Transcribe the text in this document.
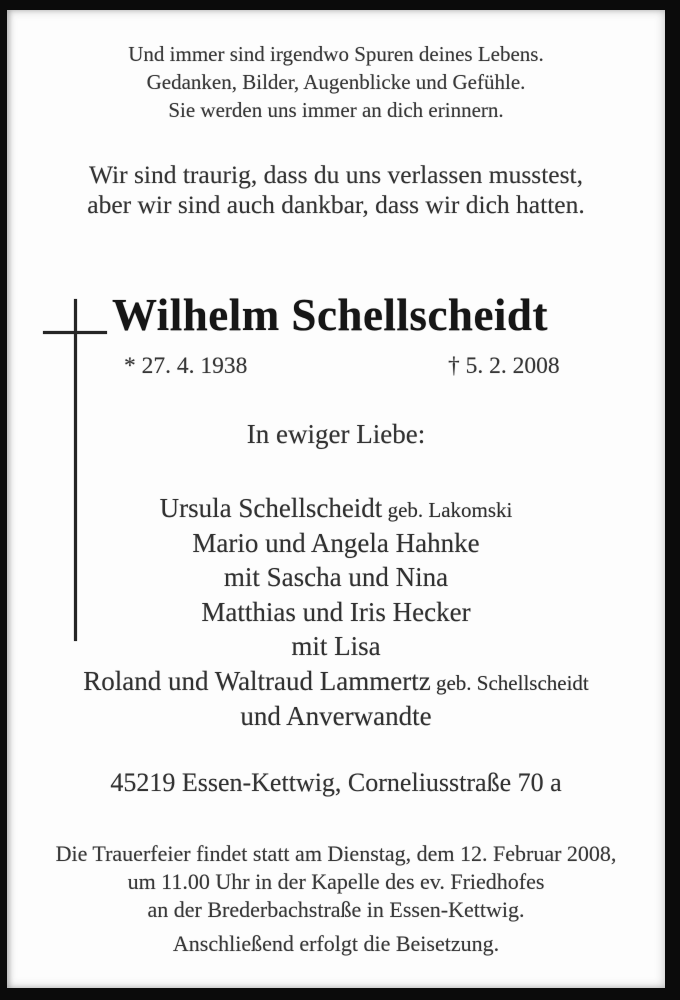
Und immer sind irgendwo Spuren deines Lebens.
Gedanken, Bilder, Augenblicke und Gefühle.
Sie werden uns immer an dich erinnern.
Wir sind traurig, dass du uns verlassen musstest,
aber wir sind auch dankbar, dass wir dich hatten.
Wilhelm Schellscheidt
* 27. 4. 1938	† 5. 2. 2008
In ewiger Liebe:
Ursula Schellscheidt geb. Lakomski
Mario und Angela Hahnke
mit Sascha und Nina
Matthias und Iris Hecker
mit Lisa
Roland und Waltraud Lammertz geb. Schellscheidt
und Anverwandte
45219 Essen-Kettwig, Corneliusstraße 70 a
Die Trauerfeier findet statt am Dienstag, dem 12. Februar 2008,
um 11.00 Uhr in der Kapelle des ev. Friedhofes
an der Brederbachstraße in Essen-Kettwig.
Anschließend erfolgt die Beisetzung.
